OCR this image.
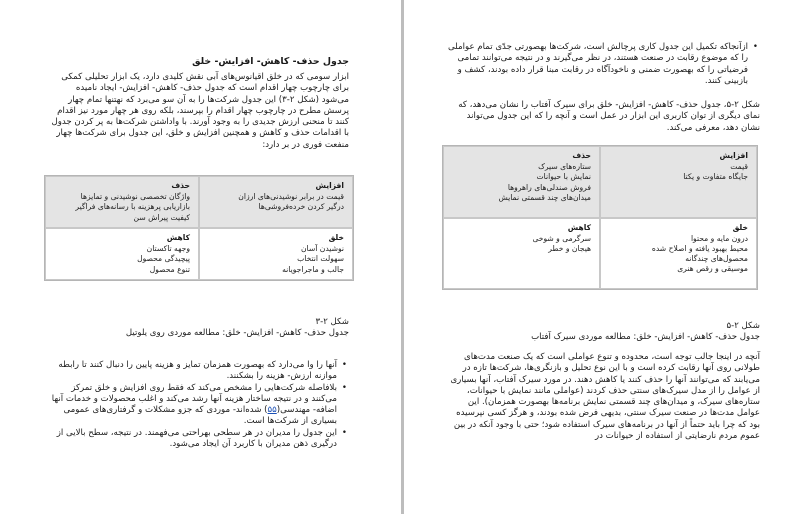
جدول حذف- کاهش- افزایش- خلق

ابزار سومی که در خلق اقیانوس‌های آبی نقش کلیدی دارد، یک ابزار تحلیلی کمکی برای چارچوب چهار اقدام است که جدول حذف- کاهش- افزایش- ایجاد نامیده می‌شود (شکل ۲-۳) این جدول شرکت‌ها را به آن سو می‌برد که نهتنها تمام چهار پرسش مطرح در چارچوب چهار اقدام را بپرسند، بلکه روی هر چهار مورد نیز اقدام کنند تا منحنی ارزش جدیدی را به وجود آورند. با واداشتن شرکت‌ها به پر کردن جدول با اقدامات حذف و کاهش و همچنین افزایش و خلق، این جدول برای شرکت‌ها چهار منفعت فوری در بر دارد:

حذف
واژگان تخصصی نوشیدنی و تمایزها
بازاریابی پرهزینه با رسانه‌های فراگیر
کیفیت پیراش سن
افزایش
قیمت در برابر نوشیدنی‌های ارزان
درگیر کردن خرده‌فروشی‌ها
کاهش
وجهه تاکستان
پیچیدگی محصول
تنوع محصول
خلق
نوشیدن آسان
سهولت انتخاب
جالب و ماجراجویانه
شکل ۲-۳
جدول حذف- کاهش- افزایش- خلق: مطالعه موردی روی یلوتیل
• آنها را وا می‌دارد که بهصورت همزمان تمایز و هزینه پایین را دنبال کنند تا رابطه موازنه ارزش- هزینه را بشکنند.
• بلافاصله شرکت‌هایی را مشخص می‌کند که فقط روی افزایش و خلق تمرکز می‌کنند و در نتیجه ساختار هزینه آنها رشد می‌کند و اغلب محصولات و خدمات آنها اضافه- مهندسی(۵۵) شده‌اند- موردی که جزو مشکلات و گرفتاری‌های عمومی بسیاری از شرکت‌ها است.
• این جدول را مدیران در هر سطحی بهراحتی می‌فهمند. در نتیجه، سطح بالایی از درگیری ذهن مدیران با کاربرد آن ایجاد می‌شود.
• ازآنجاکه تکمیل این جدول کاری پرچالش است، شرکت‌ها بهصورتی جدّی تمام عواملی را که موضوع رقابت در صنعت هستند، در نظر می‌گیرند و در نتیجه می‌توانند تمامی فرضیاتی را که بهصورت ضمنی و ناخودآگاه در رقابت مبنا قرار داده بودند، کشف و بازبینی کنند.

شکل ۲-۵، جدول حذف- کاهش- افزایش- خلق برای سیرک آفتاب را نشان می‌دهد، که نمای دیگری از توان کاربری این ابزار در عمل است و آنچه را که این جدول می‌تواند نشان دهد، معرفی می‌کند.

حذف
ستاره‌های سیرک
نمایش با حیوانات
فروش صندلی‌های راهروها
میدان‌های چند قسمتی نمایش
افزایش
قیمت
جایگاه متفاوت و یکتا
کاهش
سرگرمی و شوخی
هیجان و خطر
خلق
درون مایه و محتوا
محیط بهبود یافته و اصلاح شده
محصول‌های چندگانه
موسیقی و رقص هنری
شکل ۲-۵
جدول حذف- کاهش- افزایش- خلق: مطالعه موردی سیرک آفتاب

آنچه در اینجا جالب توجه است، محدوده و تنوع عواملی است که یک صنعت مدت‌های طولانی روی آنها رقابت کرده است و با این نوع تحلیل و بازنگری‌ها، شرکت‌ها تازه در می‌یابند که می‌توانند آنها را حذف کنند یا کاهش دهند. در مورد سیرک آفتاب، آنها بسیاری از عوامل را از مدل سیرک‌های سنتی حذف کردند (عواملی مانند نمایش با حیوانات، ستاره‌های سیرک، و میدان‌های چند قسمتی نمایش برنامه‌ها بهصورت همزمان). این عوامل مدت‌ها در صنعت سیرک سنتی، بدیهی فرض شده بودند، و هرگز کسی نپرسیده بود که چرا باید حتماً از آنها در برنامه‌های سیرک استفاده شود؛ حتی با وجود آنکه در بین عموم مردم نارضایتی از استفاده از حیوانات در
